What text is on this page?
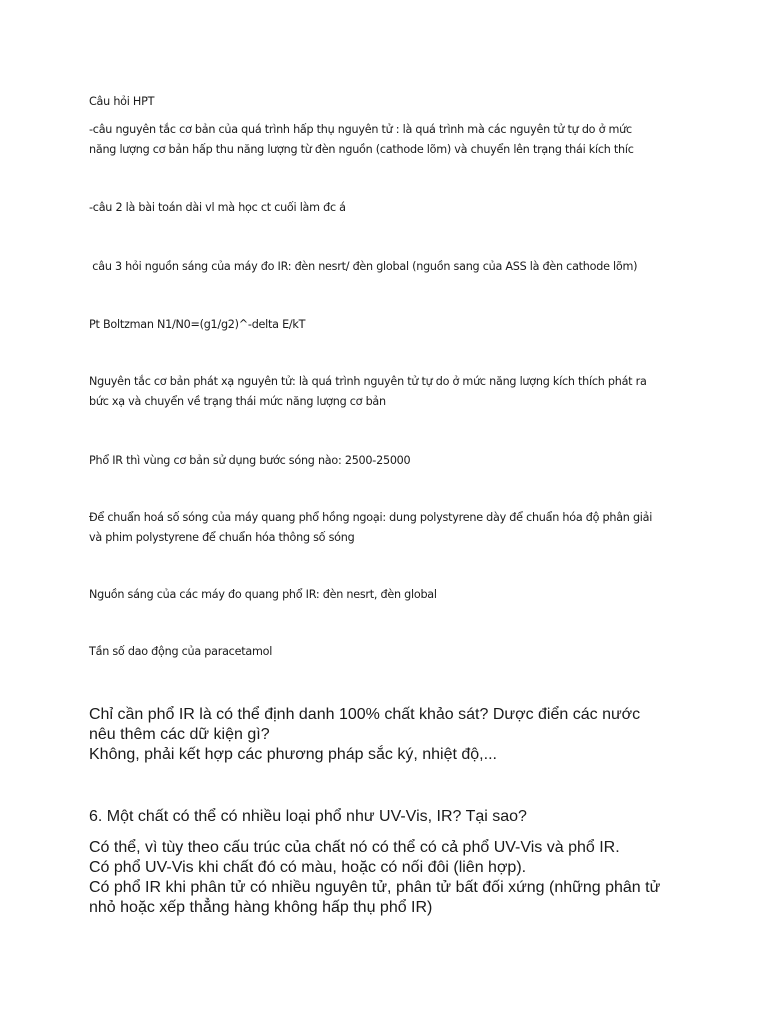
Câu hỏi HPT

-câu nguyên tắc cơ bản của quá trình hấp thụ nguyên tử : là quá trình mà các nguyên tử tự do ở mức
năng lượng cơ bản hấp thu năng lượng từ đèn nguồn (cathode lõm) và chuyển lên trạng thái kích thíc

-câu 2 là bài toán dài vl mà học ct cuối làm đc á

câu 3 hỏi nguồn sáng của máy đo IR: đèn nesrt/ đèn global (nguồn sang của ASS là đèn cathode lõm)

Pt Boltzman N1/N0=(g1/g2)^-delta E/kT

Nguyên tắc cơ bản phát xạ nguyên tử: là quá trình nguyên tử tự do ở mức năng lượng kích thích phát ra
bức xạ và chuyển về trạng thái mức năng lượng cơ bản

Phổ IR thì vùng cơ bản sử dụng bước sóng nào: 2500-25000

Để chuẩn hoá số sóng của máy quang phổ hồng ngoại: dung polystyrene dày để chuẩn hóa độ phân giải
và phim polystyrene để chuẩn hóa thông số sóng

Nguồn sáng của các máy đo quang phổ IR: đèn nesrt, đèn global

Tần số dao động của paracetamol

Chỉ cần phổ IR là có thể định danh 100% chất khảo sát? Dược điển các nước
nêu thêm các dữ kiện gì?
Không, phải kết hợp các phương pháp sắc ký, nhiệt độ,...

6. Một chất có thể có nhiều loại phổ như UV-Vis, IR? Tại sao?

Có thể, vì tùy theo cấu trúc của chất nó có thể có cả phổ UV-Vis và phổ IR.
Có phổ UV-Vis khi chất đó có màu, hoặc có nối đôi (liên hợp).
Có phổ IR khi phân tử có nhiều nguyên tử, phân tử bất đối xứng (những phân tử
nhỏ hoặc xếp thẳng hàng không hấp thụ phổ IR)
